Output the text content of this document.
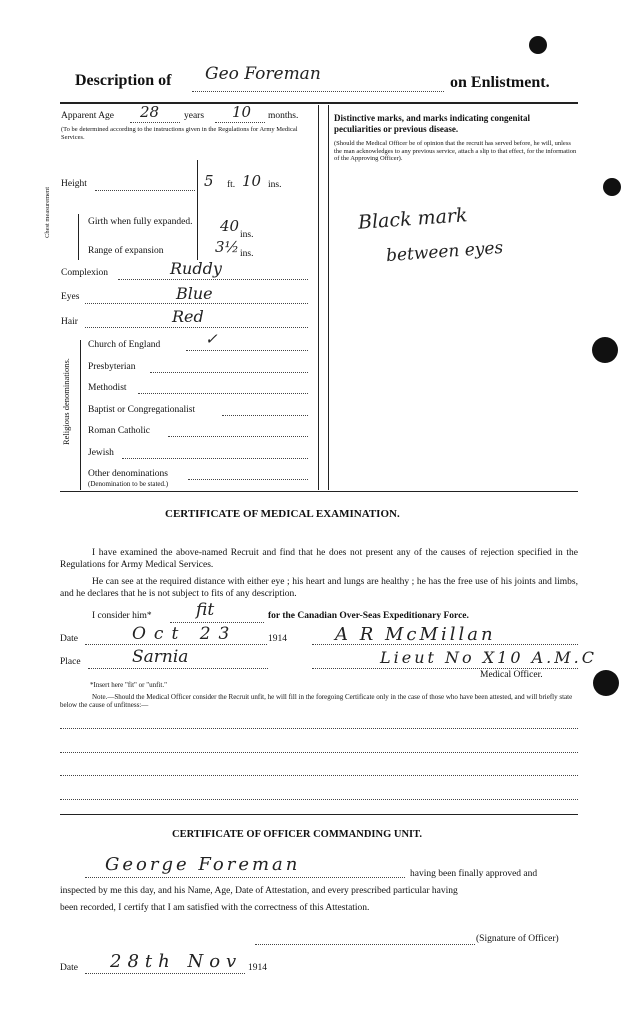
Description of Geo Foreman	on Enlistment.
Apparent Age 28	years 10 months.
(To be determined according to the instructions given in the Regulations for Army Medical Services.
Height	5 ft. 10 ins.
Chest measurement	Girth when fully expanded. 40 ins.
Range of expansion	3½ ins.
Complexion	Ruddy
Eyes	Blue
Hair	Red
Religious denominations.
Church of England	✓
Presbyterian
Methodist
Baptist or Congregationalist
Roman Catholic
Jewish
Other denominations
(Denomination to be stated.)
Distinctive marks, and marks indicating congenital
peculiarities or previous disease.
(Should the Medical Officer be of opinion that the recruit has served before, he will, unless the man acknowledges to any previous service, attach a slip to that effect, for the information of the Approving Officer).
Black mark
between eyes
CERTIFICATE OF MEDICAL EXAMINATION.
I have examined the above-named Recruit and find that he does not present any of the causes of rejection specified in the Regulations for Army Medical Services.
He can see at the required distance with either eye ; his heart and lungs are healthy ; he has the free use of his joints and limbs, and he declares that he is not subject to fits of any description.
I consider him*	fit	for the Canadian Over-Seas Expeditionary Force.
Date	Oct 23	1914	A R McMillan
Place	Sarnia	Lieut No X10 A.M.C
Medical Officer.
*Insert here "fit" or "unfit."
Note.—Should the Medical Officer consider the Recruit unfit, he will fill in the foregoing Certificate only in the case of those who have been attested, and will briefly state below the cause of unfitness:—
CERTIFICATE OF OFFICER COMMANDING UNIT.
George Foreman	having been finally approved and
inspected by me this day, and his Name, Age, Date of Attestation, and every prescribed particular having
been recorded, I certify that I am satisfied with the correctness of this Attestation.
(Signature of Officer)
Date 28th Nov 1914
